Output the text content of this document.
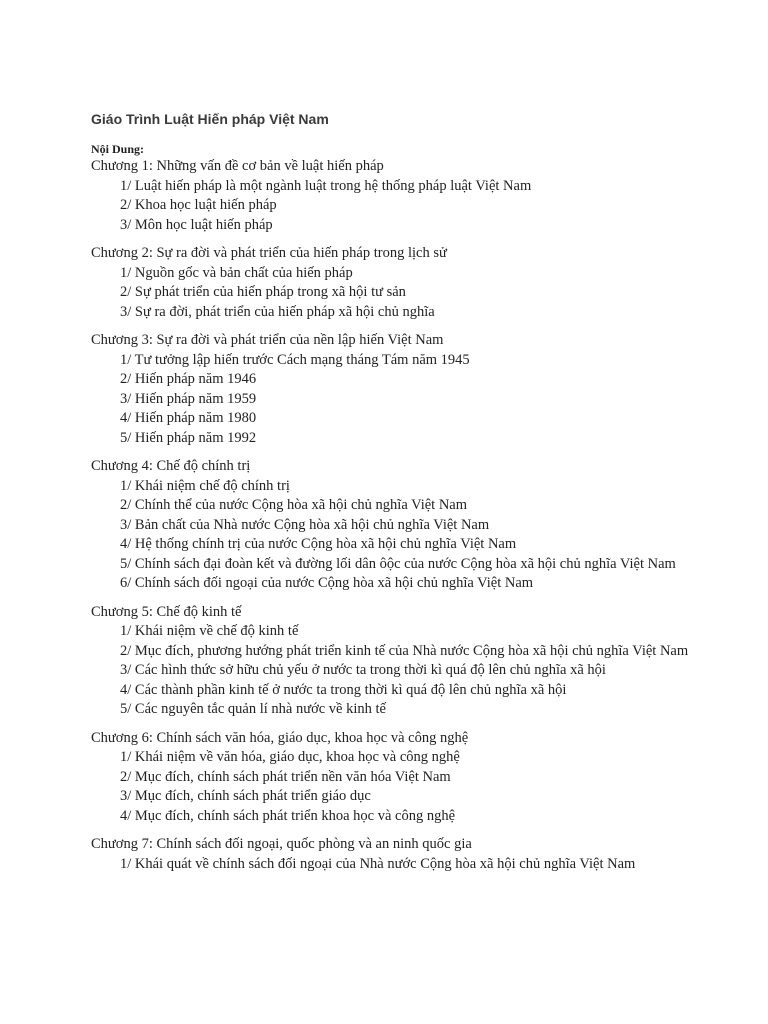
Giáo Trình Luật Hiến pháp Việt Nam

Nội Dung:

Chương 1: Những vấn đề cơ bản về luật hiến pháp

1/ Luật hiến pháp là một ngành luật trong hệ thống pháp luật Việt Nam

2/ Khoa học luật hiến pháp

3/ Môn học luật hiến pháp

Chương 2: Sự ra đời và phát triển của hiến pháp trong lịch sử

1/ Nguồn gốc và bản chất của hiến pháp

2/ Sự phát triển của hiến pháp trong xã hội tư sản

3/ Sự ra đời, phát triển của hiến pháp xã hội chủ nghĩa

Chương 3: Sự ra đời và phát triển của nền lập hiến Việt Nam

1/ Tư tưởng lập hiến trước Cách mạng tháng Tám năm 1945

2/ Hiến pháp năm 1946

3/ Hiến pháp năm 1959

4/ Hiến pháp năm 1980

5/ Hiến pháp năm 1992

Chương 4: Chế độ chính trị

1/ Khái niệm chế độ chính trị

2/ Chính thể của nước Cộng hòa xã hội chủ nghĩa Việt Nam

3/ Bản chất của Nhà nước Cộng hòa xã hội chủ nghĩa Việt Nam

4/ Hệ thống chính trị của nước Cộng hòa xã hội chủ nghĩa Việt Nam

5/ Chính sách đại đoàn kết và đường lối dân ôộc của nước Cộng hòa xã hội chủ nghĩa Việt Nam

6/ Chính sách đối ngoại của nước Cộng hòa xã hội chủ nghĩa Việt Nam

Chương 5: Chế độ kinh tế

1/ Khái niệm về chế độ kinh tế

2/ Mục đích, phương hướng phát triển kinh tế của Nhà nước Cộng hòa xã hội chủ nghĩa Việt Nam

3/ Các hình thức sở hữu chủ yếu ở nước ta trong thời kì quá độ lên chủ nghĩa xã hội

4/ Các thành phần kinh tế ở nước ta trong thời kì quá độ lên chủ nghĩa xã hội

5/ Các nguyên tắc quản lí nhà nước về kinh tế

Chương 6: Chính sách văn hóa, giáo dục, khoa học và công nghệ

1/ Khái niệm về văn hóa, giáo dục, khoa học và công nghệ

2/ Mục đích, chính sách phát triển nền văn hóa Việt Nam

3/ Mục đích, chính sách phát triển giáo dục

4/ Mục đích, chính sách phát triển khoa học và công nghệ

Chương 7: Chính sách đối ngoại, quốc phòng và an ninh quốc gia

1/ Khái quát về chính sách đối ngoại của Nhà nước Cộng hòa xã hội chủ nghĩa Việt Nam
